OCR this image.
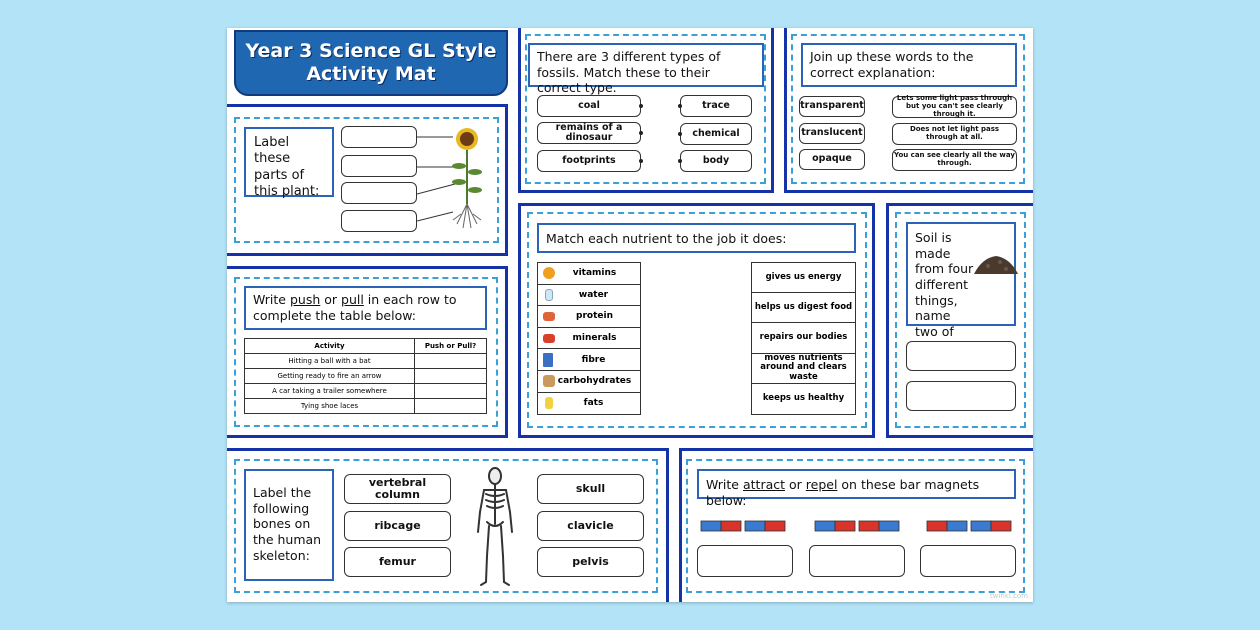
Year 3 Science GL Style
Activity Mat
Label these parts of this plant:
There are 3 different types of fossils. Match these to their correct type.
coal
remains of a dinosaur
footprints
trace
chemical
body
Join up these words to the correct explanation:
transparent
translucent
opaque
Lets some light pass through but you can't see clearly through it.
Does not let light pass through at all.
You can see clearly all the way through.
Write push or pull in each row to complete the table below:
Activity	Push or Pull?
Hitting a ball with a bat	
Getting ready to fire an arrow	
A car taking a trailer somewhere	
Tying shoe laces	
Match each nutrient to the job it does:
vitamins
water
protein
minerals
fibre
carbohydrates
fats
gives us energy
helps us digest food
repairs our bodies
moves nutrients around and clears waste
keeps us healthy
Soil is made from four different things, name two of
Label the following bones on the human skeleton:
vertebral column
ribcage
femur
skull
clavicle
pelvis
Write attract or repel on these bar magnets below:
twinkl.com
